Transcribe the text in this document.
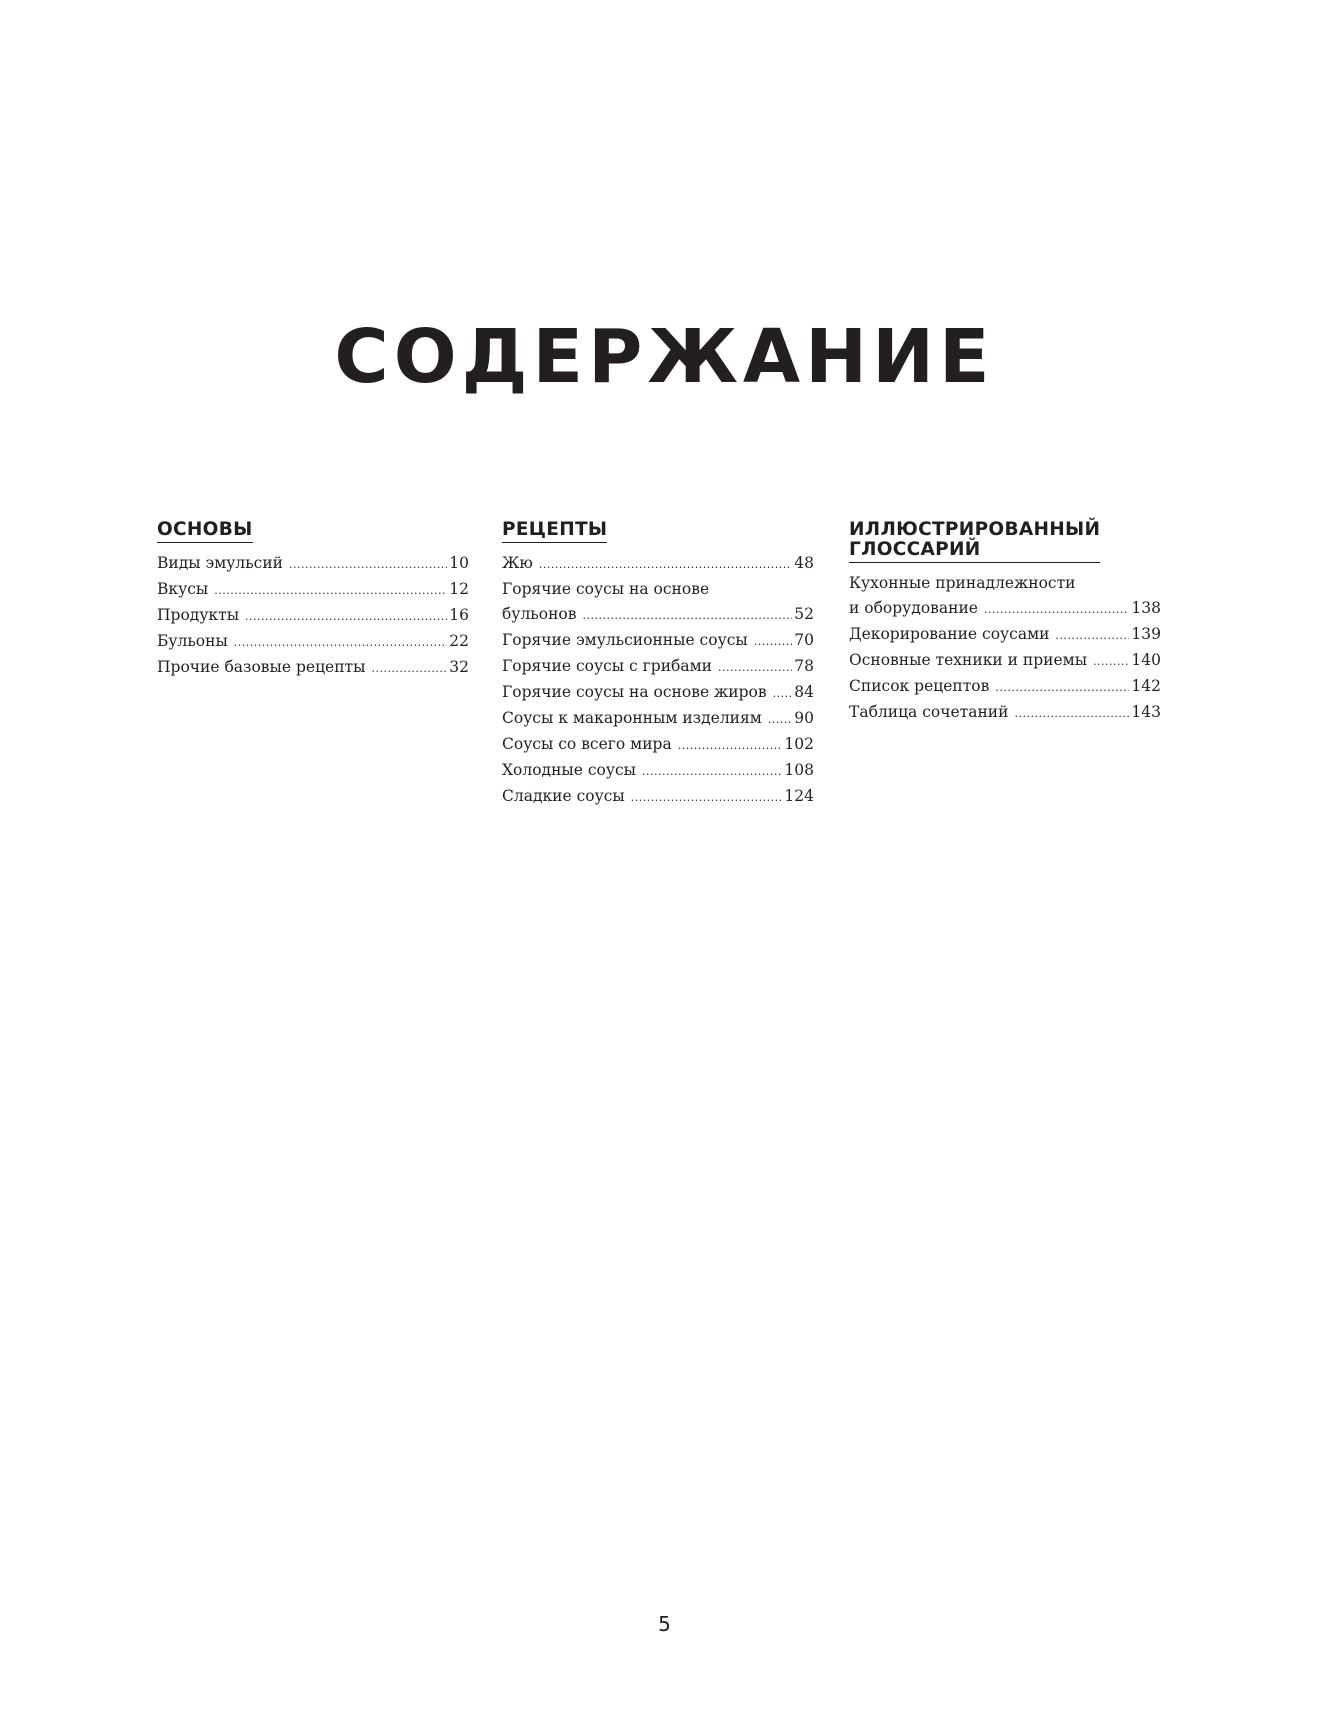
СОДЕРЖАНИЕ
ОСНОВЫ
Виды эмульсий .....	10
Вкусы .....	12
Продукты .....	16
Бульоны .....	22
Прочие базовые рецепты .....	32
РЕЦЕПТЫ
Жю .....	48
Горячие соусы на основе
бульонов .....	52
Горячие эмульсионные соусы .....	70
Горячие соусы с грибами .....	78
Горячие соусы на основе жиров ..... 84
Соусы к макаронным изделиям ..... 90
Соусы со всего мира .....	102
Холодные соусы .....	108
Сладкие соусы .....	124
ИЛЛЮСТРИРОВАННЫЙ
ГЛОССАРИЙ
Кухонные принадлежности
и оборудование .....	138
Декорирование соусами .....	139
Основные техники и приемы .....	140
Список рецептов .....	142
Таблица сочетаний .....	143
5
